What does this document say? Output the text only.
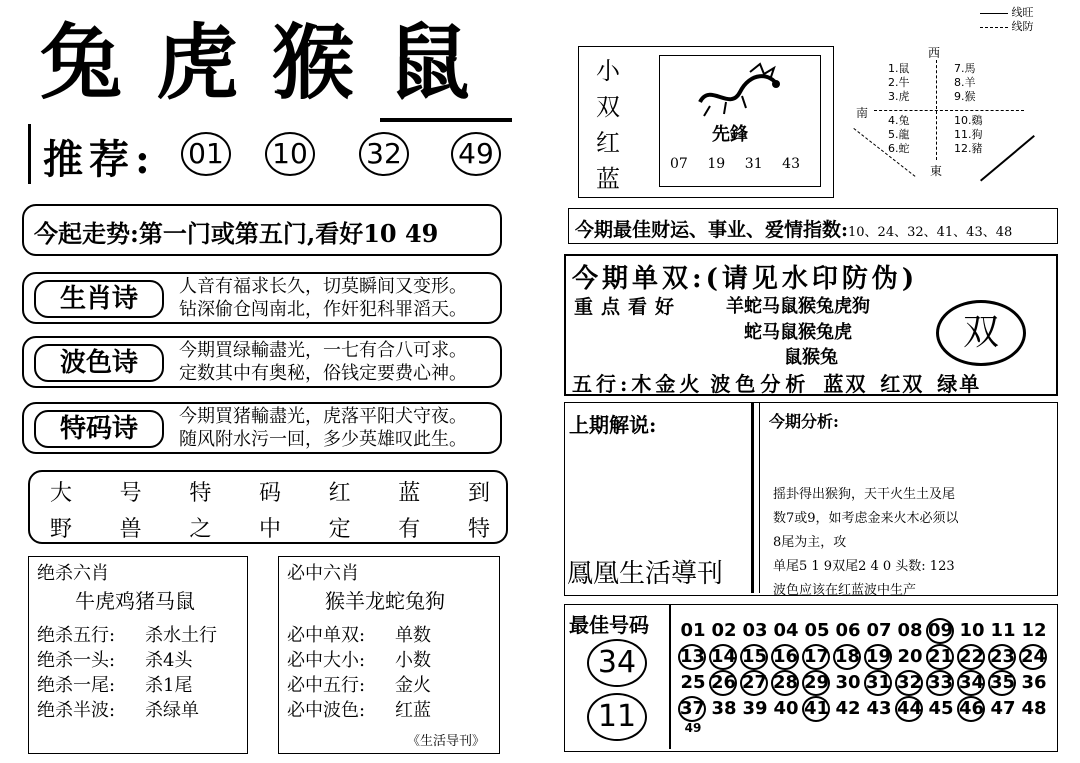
兔虎猴鼠
推荐: 01 10 32 49
今起走势:第一门或第五门,看好10 49
生肖诗	人音有福求长久，切莫瞬间又变形。
钻深偷仓闯南北，作奸犯科罪滔天。
波色诗	今期買绿輸盡光，一七有合八可求。
定数其中有奥秘，俗钱定要费心神。
特码诗	今期買猪輸盡光，虎落平阳犬守夜。
随风附水污一回，多少英雄叹此生。
大 号 特 码 红 蓝 到
野 兽 之 中 定 有 特
绝杀六肖
牛虎鸡猪马鼠
绝杀五行: 杀水土行
绝杀一头: 杀4头
绝杀一尾: 杀1尾
绝杀半波: 杀绿单
必中六肖
猴羊龙蛇兔狗
必中单双: 单数
必中大小: 小数
必中五行: 金火
必中波色: 红蓝
《生活导刊》
小
双
红
蓝
先鋒
07 19 31 43
西
南
東
1.鼠
2.牛
3.虎
4.兔
5.龍
6.蛇
7.馬
8.羊
9.猴
10.鷄
11.狗
12.豬
线旺
线防
今期最佳财运、事业、爱情指数:10、24、32、41、43、48
今期单双:(请见水印防伪)
重点看好 羊蛇马鼠猴兔虎狗
蛇马鼠猴兔虎
鼠猴兔
双
五行:木金火 波色分析 蓝双 红双 绿单
上期解说:
鳳凰生活導刊
今期分析:
摇卦得出猴狗，天干火生土及尾
数7或9，如考虑金来火木必须以
8尾为主，攻
单尾5 1 9双尾2 4 0 头数: 123
波色应该在红蓝波中生产
最佳号码
34
11
01 02 03 04 05 06 07 08 09 10 11 12
13 14 15 16 17 18 19 20 21 22 23 24
25 26 27 28 29 30 31 32 33 34 35 36
37 38 39 40 41 42 43 44 45 46 47 48
49
